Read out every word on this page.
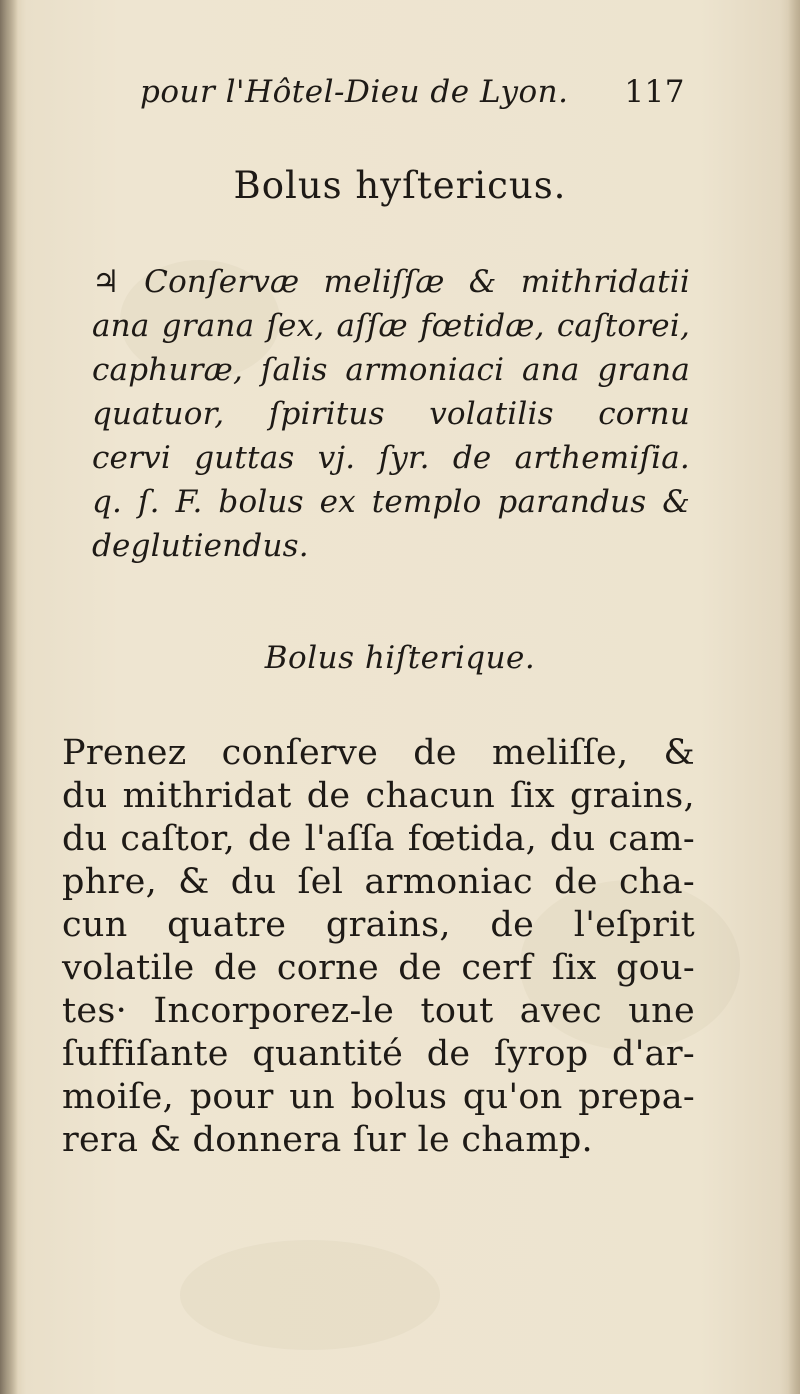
pour l'Hôtel-Dieu de Lyon. 117
Bolus hyſtericus.
♃ Conſervæ meliſſæ & mithridatii
ana grana ſex, aſſæ fœtidæ, caſtorei,
caphuræ, ſalis armoniaci ana grana
quatuor, ſpiritus volatilis cornu
cervi guttas vj. ſyr. de arthemiſia.
q. ſ. F. bolus ex templo parandus &
deglutiendus.
Bolus hiſterique.
Prenez conſerve de meliſſe, &
du mithridat de chacun ſix grains,
du caſtor, de l'aſſa fœtida, du cam-
phre, & du ſel armoniac de cha-
cun quatre grains, de l'eſprit
volatile de corne de cerf ſix gou-
tes· Incorporez-le tout avec une
ſuffiſante quantité de ſyrop d'ar-
moiſe, pour un bolus qu'on prepa-
rera & donnera ſur le champ.
